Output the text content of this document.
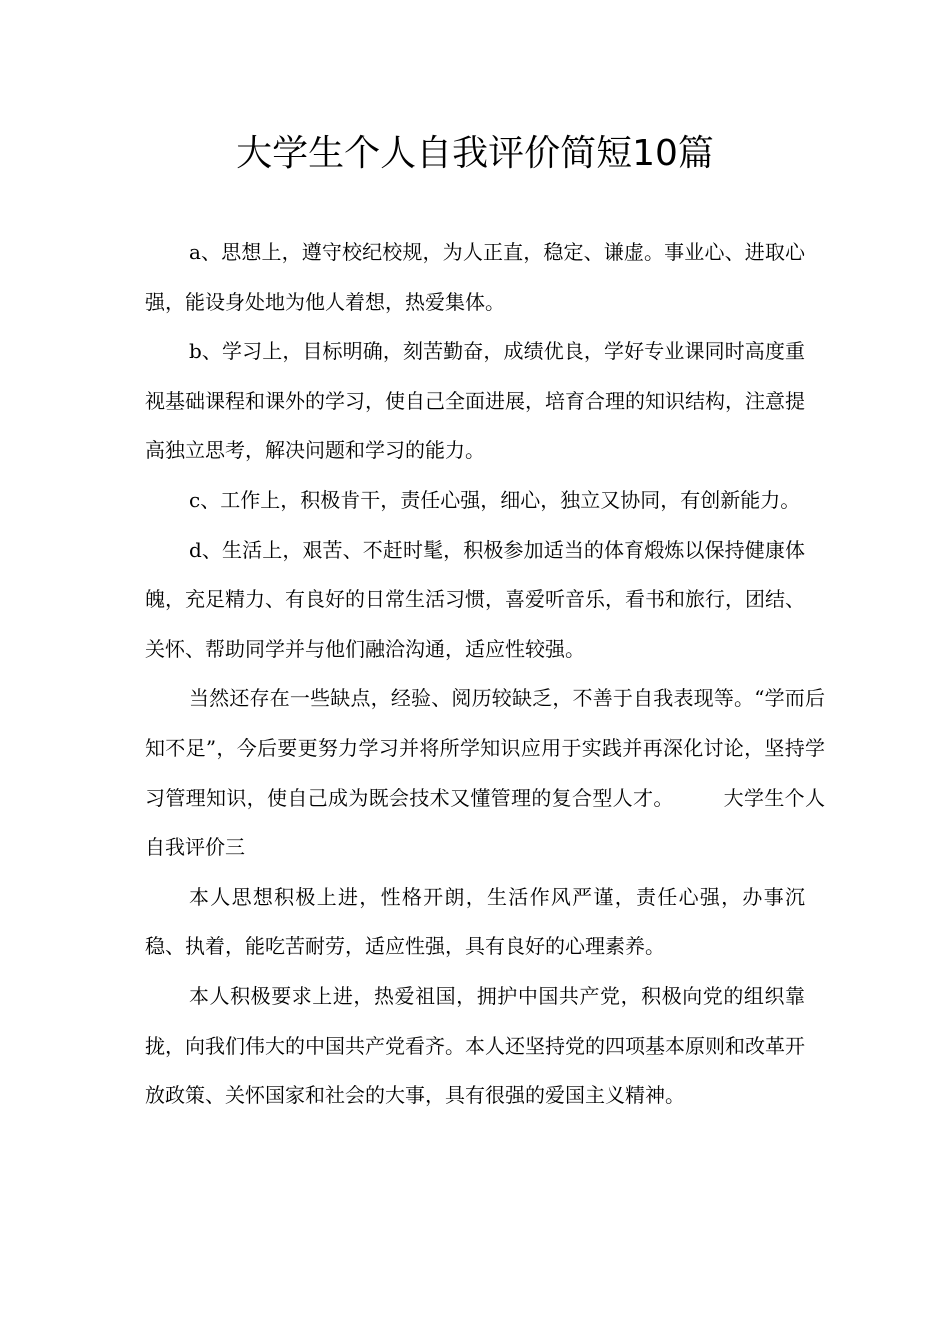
大学生个人自我评价简短10篇

a、思想上，遵守校纪校规，为人正直，稳定、谦虚。事业心、进取心强，能设身处地为他人着想，热爱集体。

b、学习上，目标明确，刻苦勤奋，成绩优良，学好专业课同时高度重视基础课程和课外的学习，使自己全面进展，培育合理的知识结构，注意提高独立思考，解决问题和学习的能力。

c、工作上，积极肯干，责任心强，细心，独立又协同，有创新能力。

d、生活上，艰苦、不赶时髦，积极参加适当的体育煅炼以保持健康体魄，充足精力、有良好的日常生活习惯，喜爱听音乐，看书和旅行，团结、关怀、帮助同学并与他们融洽沟通，适应性较强。

当然还存在一些缺点，经验、阅历较缺乏，不善于自我表现等。“学而后知不足”，今后要更努力学习并将所学知识应用于实践并再深化讨论，坚持学习管理知识，使自己成为既会技术又懂管理的复合型人才。	大学生个人自我评价三

本人思想积极上进，性格开朗，生活作风严谨，责任心强，办事沉稳、执着，能吃苦耐劳，适应性强，具有良好的心理素养。

本人积极要求上进，热爱祖国，拥护中国共产党，积极向党的组织靠拢，向我们伟大的中国共产党看齐。本人还坚持党的四项基本原则和改革开放政策、关怀国家和社会的大事，具有很强的爱国主义精神。
